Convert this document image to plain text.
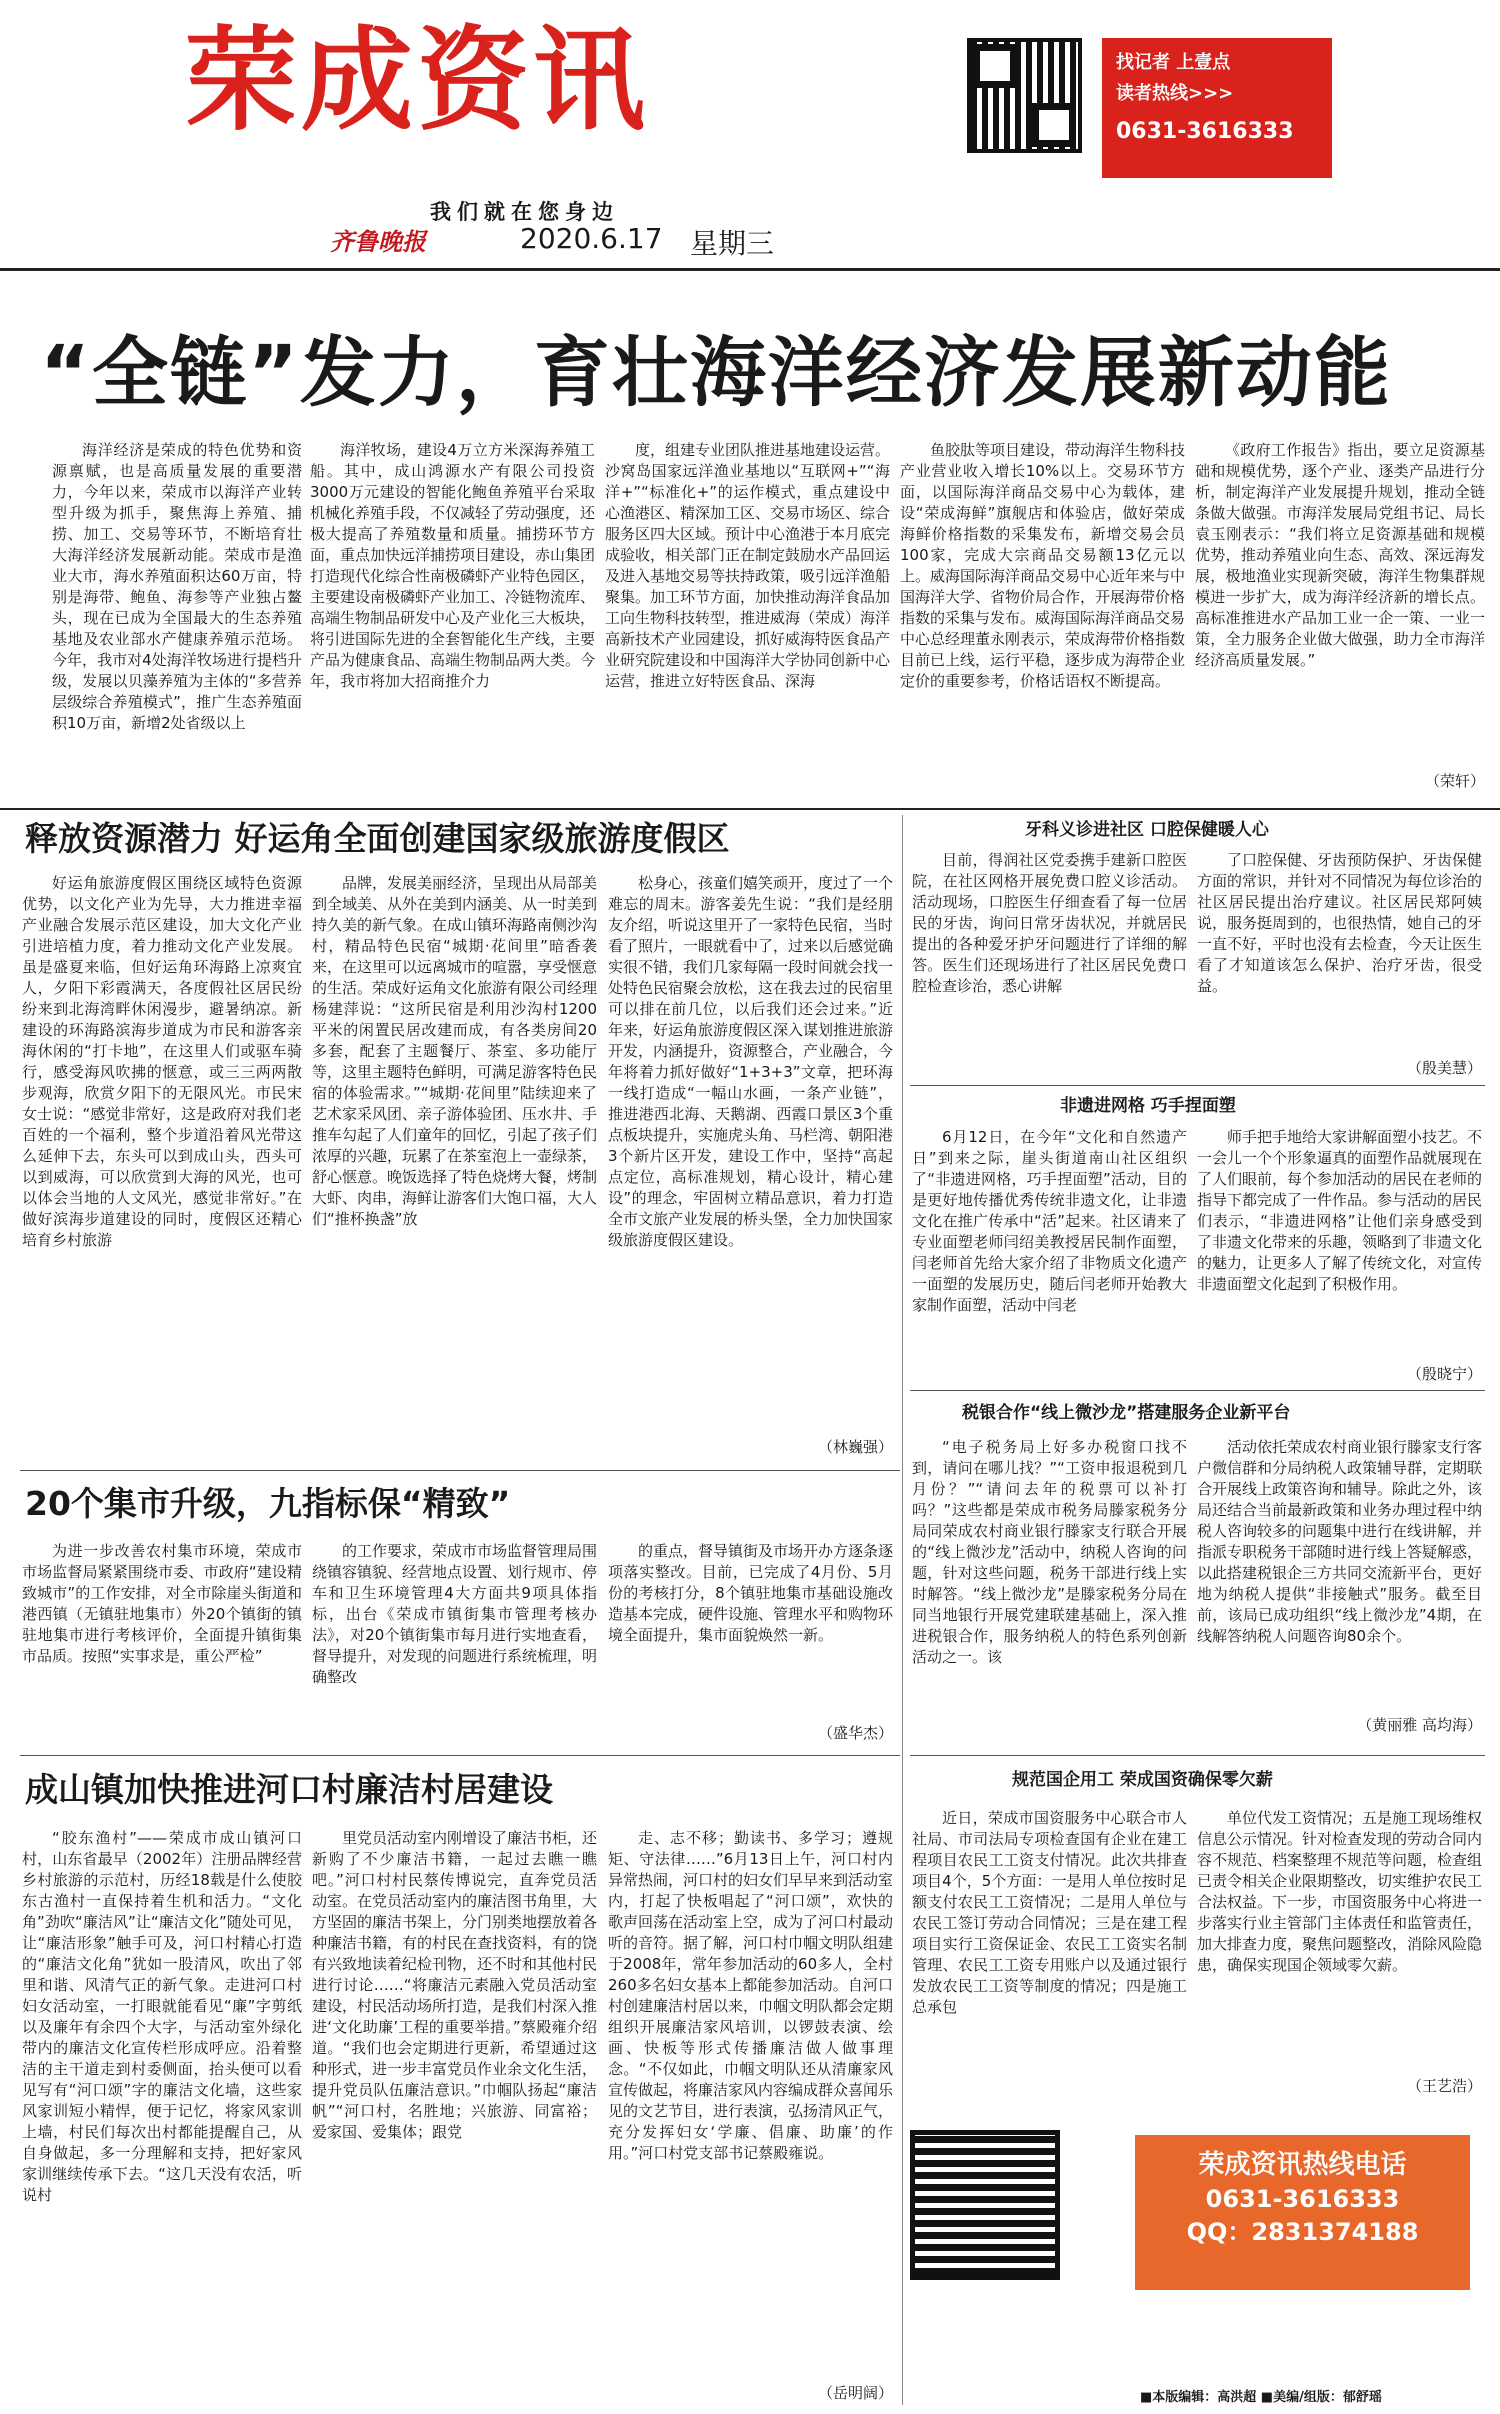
荣成资讯
我们就在您身边
齐鲁晚报	2020.6.17 星期三
找记者 上壹点
读者热线>>>
0631-3616333
“全链”发力，育壮海洋经济发展新动能

海洋经济是荣成的特色优势和资源禀赋，也是高质量发展的重要潜力，今年以来，荣成市以海洋产业转型升级为抓手，聚焦海上养殖、捕捞、加工、交易等环节，不断培育壮大海洋经济发展新动能。荣成市是渔业大市，海水养殖面积达60万亩，特别是海带、鲍鱼、海参等产业独占鳌头，现在已成为全国最大的生态养殖基地及农业部水产健康养殖示范场。今年，我市对4处海洋牧场进行提档升级，发展以贝藻养殖为主体的“多营养层级综合养殖模式”，推广生态养殖面积10万亩，新增2处省级以上

海洋牧场，建设4万立方米深海养殖工船。其中，成山鸿源水产有限公司投资3000万元建设的智能化鲍鱼养殖平台采取机械化养殖手段，不仅减轻了劳动强度，还极大提高了养殖数量和质量。捕捞环节方面，重点加快远洋捕捞项目建设，赤山集团打造现代化综合性南极磷虾产业特色园区，主要建设南极磷虾产业加工、冷链物流库、高端生物制品研发中心及产业化三大板块，将引进国际先进的全套智能化生产线，主要产品为健康食品、高端生物制品两大类。今年，我市将加大招商推介力

度，组建专业团队推进基地建设运营。沙窝岛国家远洋渔业基地以“互联网+”“海洋+”“标准化+”的运作模式，重点建设中心渔港区、精深加工区、交易市场区、综合服务区四大区域。预计中心渔港于本月底完成验收，相关部门正在制定鼓励水产品回运及进入基地交易等扶持政策，吸引远洋渔船聚集。加工环节方面，加快推动海洋食品加工向生物科技转型，推进威海（荣成）海洋高新技术产业园建设，抓好威海特医食品产业研究院建设和中国海洋大学协同创新中心运营，推进立好特医食品、深海

鱼胶肽等项目建设，带动海洋生物科技产业营业收入增长10%以上。交易环节方面，以国际海洋商品交易中心为载体，建设“荣成海鲜”旗舰店和体验店，做好荣成海鲜价格指数的采集发布，新增交易会员100家，完成大宗商品交易额13亿元以上。威海国际海洋商品交易中心近年来与中国海洋大学、省物价局合作，开展海带价格指数的采集与发布。威海国际海洋商品交易中心总经理董永刚表示，荣成海带价格指数目前已上线，运行平稳，逐步成为海带企业定价的重要参考，价格话语权不断提高。

《政府工作报告》指出，要立足资源基础和规模优势，逐个产业、逐类产品进行分析，制定海洋产业发展提升规划，推动全链条做大做强。市海洋发展局党组书记、局长袁玉刚表示：“我们将立足资源基础和规模优势，推动养殖业向生态、高效、深远海发展，极地渔业实现新突破，海洋生物集群规模进一步扩大，成为海洋经济新的增长点。高标准推进水产品加工业一企一策、一业一策，全力服务企业做大做强，助力全市海洋经济高质量发展。”

（荣轩）
释放资源潜力 好运角全面创建国家级旅游度假区

好运角旅游度假区围绕区域特色资源优势，以文化产业为先导，大力推进幸福产业融合发展示范区建设，加大文化产业引进培植力度，着力推动文化产业发展。虽是盛夏来临，但好运角环海路上凉爽宜人，夕阳下彩霞满天，各度假社区居民纷纷来到北海湾畔休闲漫步，避暑纳凉。新建设的环海路滨海步道成为市民和游客亲海休闲的“打卡地”，在这里人们或驱车骑行，感受海风吹拂的惬意，或三三两两散步观海，欣赏夕阳下的无限风光。市民宋女士说：“感觉非常好，这是政府对我们老百姓的一个福利，整个步道沿着风光带这么延伸下去，东头可以到成山头，西头可以到威海，可以欣赏到大海的风光，也可以体会当地的人文风光，感觉非常好。”在做好滨海步道建设的同时，度假区还精心培育乡村旅游

品牌，发展美丽经济，呈现出从局部美到全域美、从外在美到内涵美、从一时美到持久美的新气象。在成山镇环海路南侧沙沟村，精品特色民宿“城期·花间里”暗香袭来，在这里可以远离城市的喧嚣，享受惬意的生活。荣成好运角文化旅游有限公司经理杨建萍说：“这所民宿是利用沙沟村1200平米的闲置民居改建而成，有各类房间20多套，配套了主题餐厅、茶室、多功能厅等，这里主题特色鲜明，可满足游客特色民宿的体验需求。”“城期·花间里”陆续迎来了艺术家采风团、亲子游体验团、压水井、手推车勾起了人们童年的回忆，引起了孩子们浓厚的兴趣，玩累了在茶室泡上一壶绿茶，舒心惬意。晚饭选择了特色烧烤大餐，烤制大虾、肉串，海鲜让游客们大饱口福，大人们“推杯换盏”放

松身心，孩童们嬉笑顽开，度过了一个难忘的周末。游客姜先生说：“我们是经朋友介绍，听说这里开了一家特色民宿，当时看了照片，一眼就看中了，过来以后感觉确实很不错，我们几家每隔一段时间就会找一处特色民宿聚会放松，这在我去过的民宿里可以排在前几位，以后我们还会过来。”近年来，好运角旅游度假区深入谋划推进旅游开发，内涵提升，资源整合，产业融合，今年将着力抓好做好“1+3+3”文章，把环海一线打造成“一幅山水画，一条产业链”，推进港西北海、天鹅湖、西霞口景区3个重点板块提升，实施虎头角、马栏湾、朝阳港3个新片区开发，建设工作中，坚持“高起点定位，高标准规划，精心设计，精心建设”的理念，牢固树立精品意识，着力打造全市文旅产业发展的桥头堡，全力加快国家级旅游度假区建设。

（林巍强）
20个集市升级，九指标保“精致”

为进一步改善农村集市环境，荣成市市场监督局紧紧围绕市委、市政府“建设精致城市”的工作安排，对全市除崖头街道和港西镇（无镇驻地集市）外20个镇街的镇驻地集市进行考核评价，全面提升镇街集市品质。按照“实事求是，重公严检”

的工作要求，荣成市市场监督管理局围绕镇容镇貌、经营地点设置、划行规市、停车和卫生环境管理4大方面共9项具体指标，出台《荣成市镇街集市管理考核办法》，对20个镇街集市每月进行实地查看，督导提升，对发现的问题进行系统梳理，明确整改

的重点，督导镇街及市场开办方逐条逐项落实整改。目前，已完成了4月份、5月份的考核打分，8个镇驻地集市基础设施改造基本完成，硬件设施、管理水平和购物环境全面提升，集市面貌焕然一新。

（盛华杰）
成山镇加快推进河口村廉洁村居建设

“胶东渔村”——荣成市成山镇河口村，山东省最早（2002年）注册品牌经营乡村旅游的示范村，历经18载是什么使胶东古渔村一直保持着生机和活力。“文化角”劲吹“廉洁风”让“廉洁文化”随处可见，让“廉洁形象”触手可及，河口村精心打造的“廉洁文化角”犹如一股清风，吹出了邻里和谐、风清气正的新气象。走进河口村妇女活动室，一打眼就能看见“廉”字剪纸以及廉年有余四个大字，与活动室外绿化带内的廉洁文化宣传栏形成呼应。沿着整洁的主干道走到村委侧面，抬头便可以看见写有“河口颂”字的廉洁文化墙，这些家风家训短小精悍，便于记忆，将家风家训上墙，村民们每次出村都能提醒自己，从自身做起，多一分理解和支持，把好家风家训继续传承下去。“这几天没有农活，听说村

里党员活动室内刚增设了廉洁书柜，还新购了不少廉洁书籍，一起过去瞧一瞧吧。”河口村村民蔡传博说完，直奔党员活动室。在党员活动室内的廉洁图书角里，大方坚固的廉洁书架上，分门别类地摆放着各种廉洁书籍，有的村民在查找资料，有的饶有兴致地读着纪检刊物，还不时和其他村民进行讨论……“将廉洁元素融入党员活动室建设，村民活动场所打造，是我们村深入推进‘文化助廉’工程的重要举措。”蔡殿雍介绍道。“我们也会定期进行更新，希望通过这种形式，进一步丰富党员作业余文化生活，提升党员队伍廉洁意识。”巾帼队扬起“廉洁帆”“河口村，名胜地；兴旅游、同富裕；爱家国、爱集体；跟党

走、志不移；勤读书、多学习；遵规矩、守法律……”6月13日上午，河口村内异常热闹，河口村的妇女们早早来到活动室内，打起了快板唱起了“河口颂”，欢快的歌声回荡在活动室上空，成为了河口村最动听的音符。据了解，河口村巾帼文明队组建于2008年，常年参加活动的60多人，全村260多名妇女基本上都能参加活动。自河口村创建廉洁村居以来，巾帼文明队都会定期组织开展廉洁家风培训，以锣鼓表演、绘画、快板等形式传播廉洁做人做事理念。“不仅如此，巾帼文明队还从清廉家风宣传做起，将廉洁家风内容编成群众喜闻乐见的文艺节目，进行表演，弘扬清风正气，充分发挥妇女‘学廉、倡廉、助廉’的作用。”河口村党支部书记蔡殿雍说。

（岳明阔）
牙科义诊进社区 口腔保健暖人心

目前，得润社区党委携手建新口腔医院，在社区网格开展免费口腔义诊活动。活动现场，口腔医生仔细查看了每一位居民的牙齿，询问日常牙齿状况，并就居民提出的各种爱牙护牙问题进行了详细的解答。医生们还现场进行了社区居民免费口腔检查诊治，悉心讲解

了口腔保健、牙齿预防保护、牙齿保健方面的常识，并针对不同情况为每位诊治的社区居民提出治疗建议。社区居民郑阿姨说，服务挺周到的，也很热情，她自己的牙一直不好，平时也没有去检查，今天让医生看了才知道该怎么保护、治疗牙齿，很受益。

（殷美慧）
非遗进网格 巧手捏面塑

6月12日，在今年“文化和自然遗产日”到来之际，崖头街道南山社区组织了“非遗进网格，巧手捏面塑”活动，目的是更好地传播优秀传统非遗文化，让非遗文化在推广传承中“活”起来。社区请来了专业面塑老师闫绍美教授居民制作面塑，闫老师首先给大家介绍了非物质文化遗产一面塑的发展历史，随后闫老师开始教大家制作面塑，活动中闫老

师手把手地给大家讲解面塑小技艺。不一会儿一个个形象逼真的面塑作品就展现在了人们眼前，每个参加活动的居民在老师的指导下都完成了一件作品。参与活动的居民们表示，“非遗进网格”让他们亲身感受到了非遗文化带来的乐趣，领略到了非遗文化的魅力，让更多人了解了传统文化，对宣传非遗面塑文化起到了积极作用。

（殷晓宁）
税银合作“线上微沙龙”搭建服务企业新平台

“电子税务局上好多办税窗口找不到，请问在哪儿找？”“工资申报退税到几月份？”“请问去年的税票可以补打吗？”这些都是荣成市税务局滕家税务分局同荣成农村商业银行滕家支行联合开展的“线上微沙龙”活动中，纳税人咨询的问题，针对这些问题，税务干部进行线上实时解答。“线上微沙龙”是滕家税务分局在同当地银行开展党建联建基础上，深入推进税银合作，服务纳税人的特色系列创新活动之一。该

活动依托荣成农村商业银行滕家支行客户微信群和分局纳税人政策辅导群，定期联合开展线上政策咨询和辅导。除此之外，该局还结合当前最新政策和业务办理过程中纳税人咨询较多的问题集中进行在线讲解，并指派专职税务干部随时进行线上答疑解惑，以此搭建税银企三方共同交流新平台，更好地为纳税人提供“非接触式”服务。截至目前，该局已成功组织“线上微沙龙”4期，在线解答纳税人问题咨询80余个。

（黄丽雅 高均海）
规范国企用工 荣成国资确保零欠薪

近日，荣成市国资服务中心联合市人社局、市司法局专项检查国有企业在建工程项目农民工工资支付情况。此次共排查项目4个，5个方面：一是用人单位按时足额支付农民工工资情况；二是用人单位与农民工签订劳动合同情况；三是在建工程项目实行工资保证金、农民工工资实名制管理、农民工工资专用账户以及通过银行发放农民工工资等制度的情况；四是施工总承包

单位代发工资情况；五是施工现场维权信息公示情况。针对检查发现的劳动合同内容不规范、档案整理不规范等问题，检查组已责令相关企业限期整改，切实维护农民工合法权益。下一步，市国资服务中心将进一步落实行业主管部门主体责任和监管责任，加大排查力度，聚焦问题整改，消除风险隐患，确保实现国企领域零欠薪。

（王艺浩）
荣成资讯热线电话
0631-3616333
QQ：2831374188
■本版编辑：高洪超 ■美编/组版：郁舒瑶
